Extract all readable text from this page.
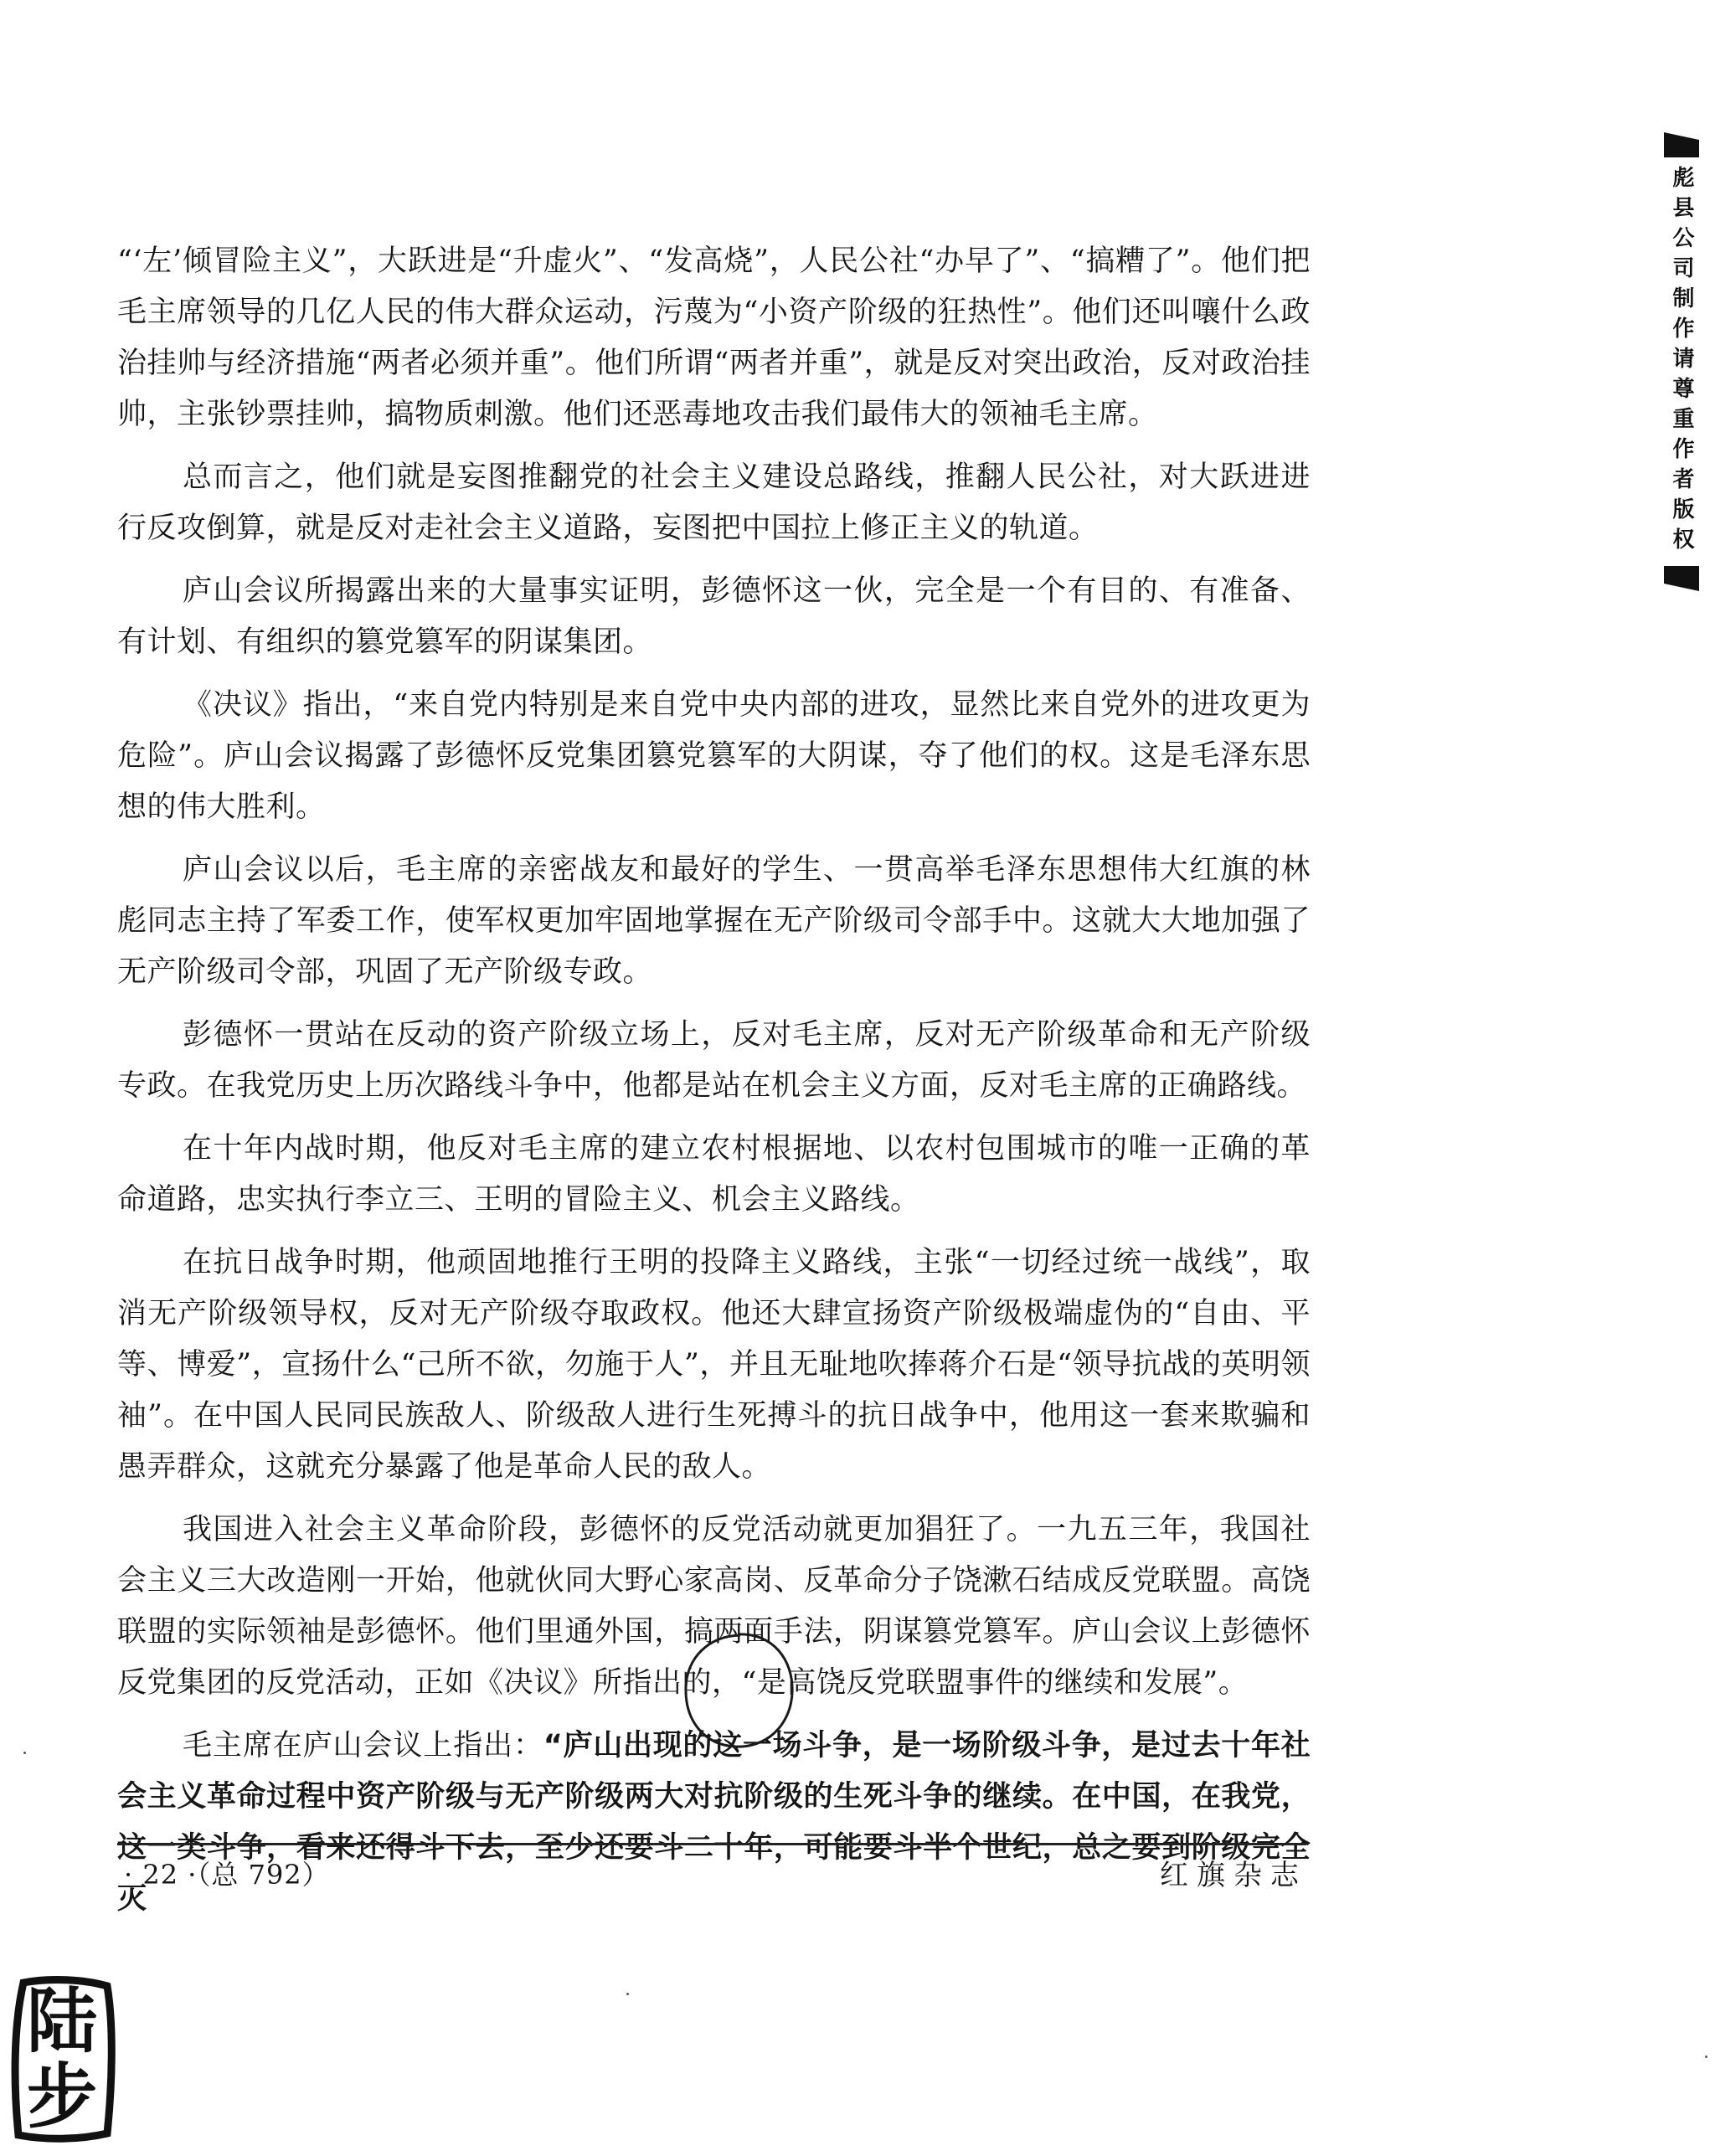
彪县公司制作请尊重作者版权

“‘左’倾冒险主义”，大跃进是“升虚火”、“发高烧”，人民公社“办早了”、“搞糟了”。他们把毛主席领导的几亿人民的伟大群众运动，污蔑为“小资产阶级的狂热性”。他们还叫嚷什么政治挂帅与经济措施“两者必须并重”。他们所谓“两者并重”，就是反对突出政治，反对政治挂帅，主张钞票挂帅，搞物质刺激。他们还恶毒地攻击我们最伟大的领袖毛主席。

总而言之，他们就是妄图推翻党的社会主义建设总路线，推翻人民公社，对大跃进进行反攻倒算，就是反对走社会主义道路，妄图把中国拉上修正主义的轨道。

庐山会议所揭露出来的大量事实证明，彭德怀这一伙，完全是一个有目的、有准备、有计划、有组织的篡党篡军的阴谋集团。

《决议》指出，“来自党内特别是来自党中央内部的进攻，显然比来自党外的进攻更为危险”。庐山会议揭露了彭德怀反党集团篡党篡军的大阴谋，夺了他们的权。这是毛泽东思想的伟大胜利。

庐山会议以后，毛主席的亲密战友和最好的学生、一贯高举毛泽东思想伟大红旗的林彪同志主持了军委工作，使军权更加牢固地掌握在无产阶级司令部手中。这就大大地加强了无产阶级司令部，巩固了无产阶级专政。

彭德怀一贯站在反动的资产阶级立场上，反对毛主席，反对无产阶级革命和无产阶级专政。在我党历史上历次路线斗争中，他都是站在机会主义方面，反对毛主席的正确路线。

在十年内战时期，他反对毛主席的建立农村根据地、以农村包围城市的唯一正确的革命道路，忠实执行李立三、王明的冒险主义、机会主义路线。

在抗日战争时期，他顽固地推行王明的投降主义路线，主张“一切经过统一战线”，取消无产阶级领导权，反对无产阶级夺取政权。他还大肆宣扬资产阶级极端虚伪的“自由、平等、博爱”，宣扬什么“己所不欲，勿施于人”，并且无耻地吹捧蒋介石是“领导抗战的英明领袖”。在中国人民同民族敌人、阶级敌人进行生死搏斗的抗日战争中，他用这一套来欺骗和愚弄群众，这就充分暴露了他是革命人民的敌人。

我国进入社会主义革命阶段，彭德怀的反党活动就更加猖狂了。一九五三年，我国社会主义三大改造刚一开始，他就伙同大野心家高岗、反革命分子饶漱石结成反党联盟。高饶联盟的实际领袖是彭德怀。他们里通外国，搞两面手法，阴谋篡党篡军。庐山会议上彭德怀反党集团的反党活动，正如《决议》所指出的，“是高饶反党联盟事件的继续和发展”。

毛主席在庐山会议上指出：“庐山出现的这一场斗争，是一场阶级斗争，是过去十年社会主义革命过程中资产阶级与无产阶级两大对抗阶级的生死斗争的继续。在中国，在我党，这一类斗争，看来还得斗下去，至少还要斗二十年，可能要斗半个世纪，总之要到阶级完全灭

· 22 ·（总 792）	红旗杂志
陆
步
